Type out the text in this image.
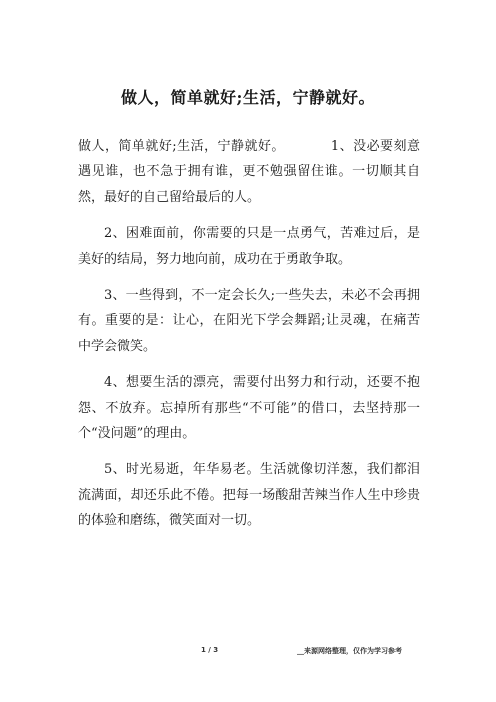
做人，简单就好;生活，宁静就好。

做人，简单就好;生活，宁静就好。	1、没必要刻意遇见谁，也不急于拥有谁，更不勉强留住谁。一切顺其自然，最好的自己留给最后的人。

2、困难面前，你需要的只是一点勇气，苦难过后，是美好的结局，努力地向前，成功在于勇敢争取。

3、一些得到，不一定会长久;一些失去，未必不会再拥有。重要的是：让心，在阳光下学会舞蹈;让灵魂，在痛苦中学会微笑。

4、想要生活的漂亮，需要付出努力和行动，还要不抱怨、不放弃。忘掉所有那些“不可能”的借口，去坚持那一个“没问题”的理由。

5、时光易逝，年华易老。生活就像切洋葱，我们都泪流满面，却还乐此不倦。把每一场酸甜苦辣当作人生中珍贵的体验和磨练，微笑面对一切。

1 / 3	__来源网络整理，仅作为学习参考
